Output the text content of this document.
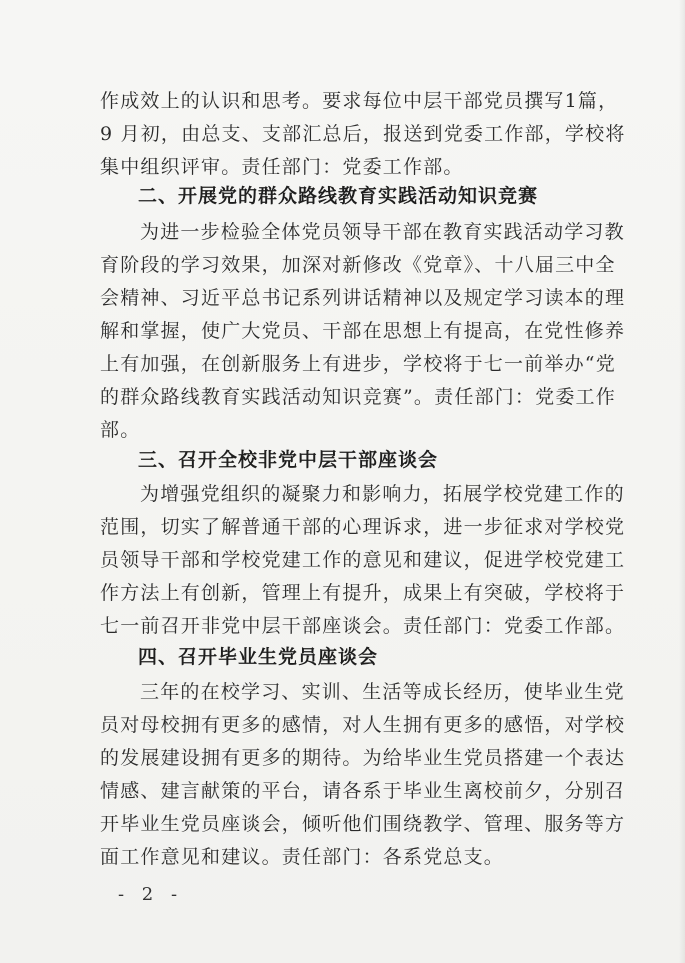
作成效上的认识和思考。要求每位中层干部党员撰写1篇，
9 月初，由总支、支部汇总后，报送到党委工作部，学校将
集中组织评审。责任部门：党委工作部。
二、开展党的群众路线教育实践活动知识竞赛
为进一步检验全体党员领导干部在教育实践活动学习教
育阶段的学习效果，加深对新修改《党章》、十八届三中全
会精神、习近平总书记系列讲话精神以及规定学习读本的理
解和掌握，使广大党员、干部在思想上有提高，在党性修养
上有加强，在创新服务上有进步，学校将于七一前举办“党
的群众路线教育实践活动知识竞赛”。责任部门：党委工作
部。
三、召开全校非党中层干部座谈会
为增强党组织的凝聚力和影响力，拓展学校党建工作的
范围，切实了解普通干部的心理诉求，进一步征求对学校党
员领导干部和学校党建工作的意见和建议，促进学校党建工
作方法上有创新，管理上有提升，成果上有突破，学校将于
七一前召开非党中层干部座谈会。责任部门：党委工作部。
四、召开毕业生党员座谈会
三年的在校学习、实训、生活等成长经历，使毕业生党
员对母校拥有更多的感情，对人生拥有更多的感悟，对学校
的发展建设拥有更多的期待。为给毕业生党员搭建一个表达
情感、建言献策的平台，请各系于毕业生离校前夕，分别召
开毕业生党员座谈会，倾听他们围绕教学、管理、服务等方
面工作意见和建议。责任部门：各系党总支。
- 2 -
